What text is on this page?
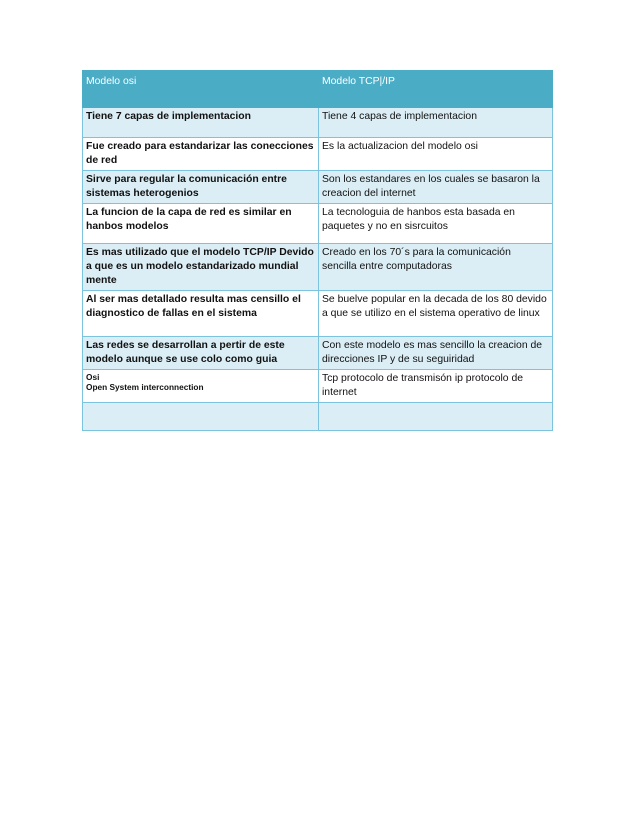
Modelo osi	Modelo TCP|/IP
Tiene 7 capas de implementacion	Tiene 4 capas de implementacion
Fue creado para estandarizar las conecciones de red	Es la actualizacion del modelo osi
Sirve para regular la comunicación entre sistemas heterogenios	Son los estandares en los cuales se basaron la creacion del internet
La funcion de la capa de red es similar en hanbos modelos	La tecnologuia de hanbos esta basada en paquetes y no en sisrcuitos
Es mas utilizado que el modelo TCP/IP Devido a que es un modelo estandarizado mundial mente	Creado en los 70´s para la comunicación sencilla entre computadoras
Al ser mas detallado resulta mas censillo el diagnostico de fallas en el sistema	Se buelve popular en la decada de los 80 devido a que se utilizo en el sistema operativo de linux
Las redes se desarrollan a pertir de este modelo aunque se use colo como guia	Con este modelo es mas sencillo la creacion de direcciones IP y de su seguiridad

Osi
Open System interconnection	Tcp protocolo de transmisón ip protocolo de internet
